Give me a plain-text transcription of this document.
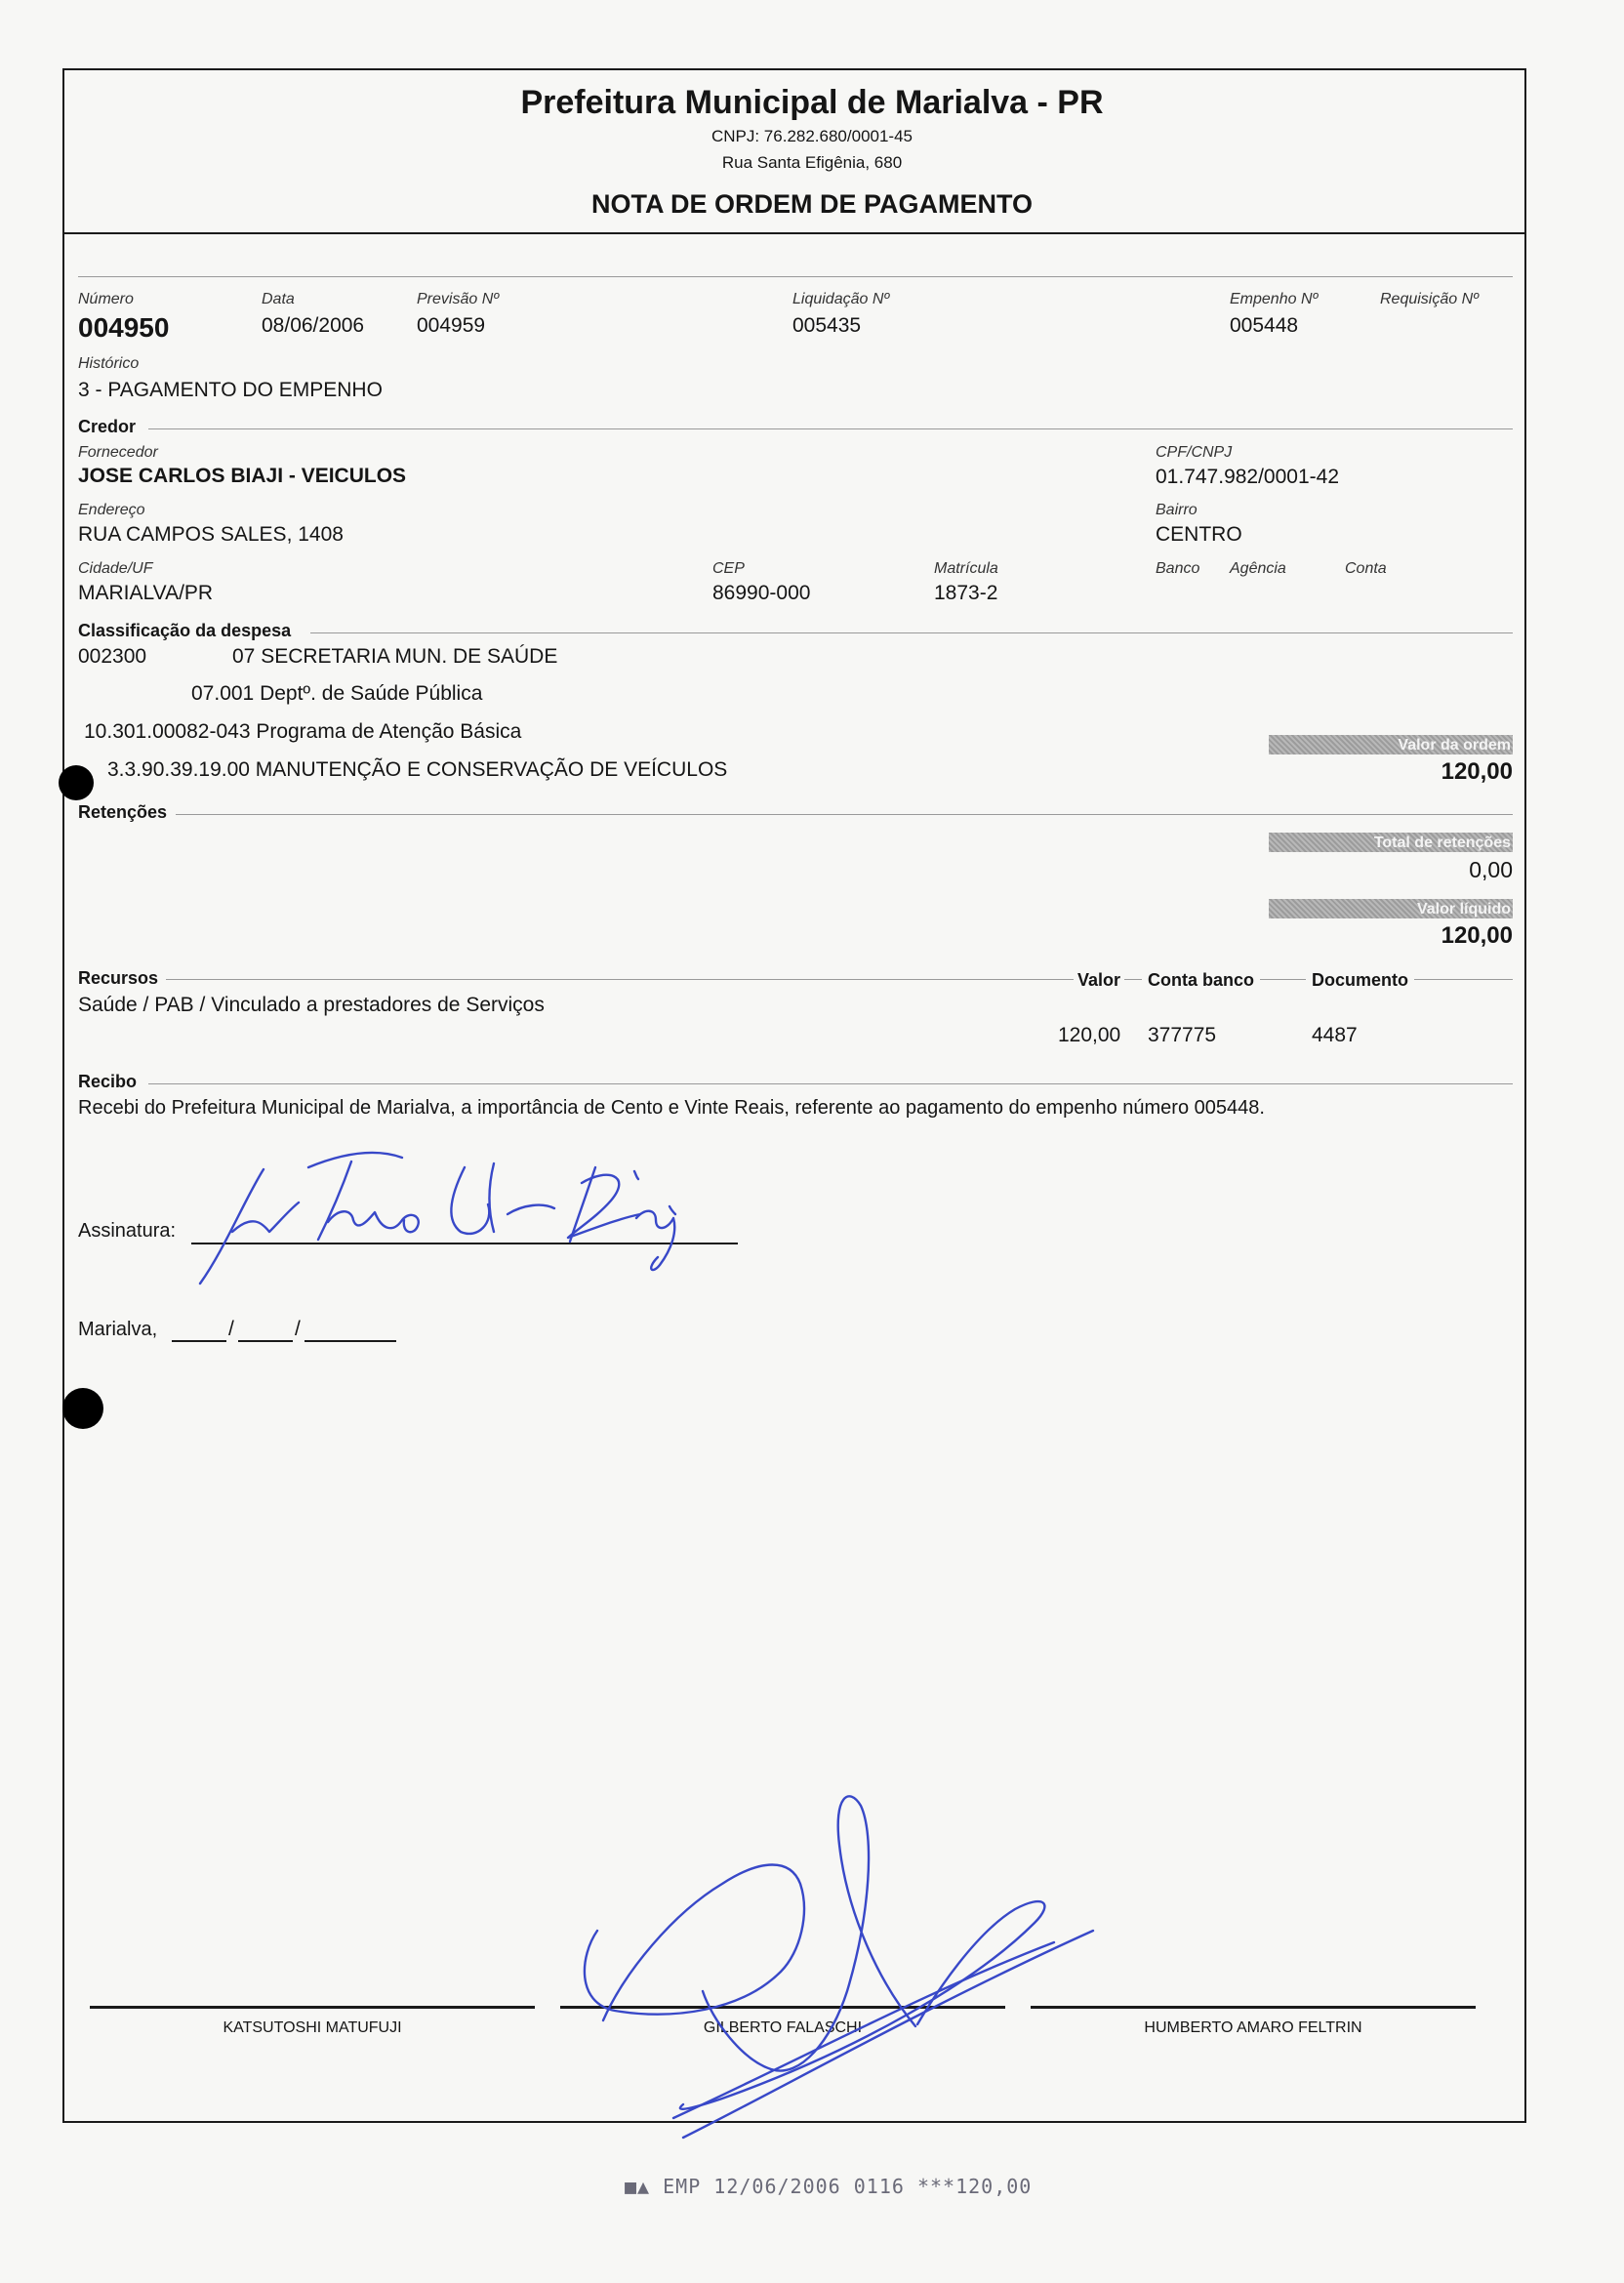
Prefeitura Municipal de Marialva - PR
CNPJ: 76.282.680/0001-45
Rua Santa Efigênia, 680
NOTA DE ORDEM DE PAGAMENTO
Número
004950
Data
08/06/2006
Previsão Nº
004959
Liquidação Nº
005435
Empenho Nº
005448
Requisição Nº
Histórico
3 - PAGAMENTO DO EMPENHO
Credor
Fornecedor
JOSE CARLOS BIAJI - VEICULOS
CPF/CNPJ
01.747.982/0001-42
Endereço
RUA CAMPOS SALES, 1408
Bairro
CENTRO
Cidade/UF
MARIALVA/PR
CEP
86990-000
Matrícula
1873-2
Banco Agência	Conta
Classificação da despesa
002300	07 SECRETARIA MUN. DE SAÚDE
07.001 Deptº. de Saúde Pública
10.301.00082-043 Programa de Atenção Básica
3.3.90.39.19.00 MANUTENÇÃO E CONSERVAÇÃO DE VEÍCULOS
Valor da ordem
120,00
Retenções
Total de retenções
0,00
Valor líquido
120,00
Recursos	Valor	Conta banco	Documento
Saúde / PAB / Vinculado a prestadores de Serviços
120,00 377775	4487
Recibo
Recebi do Prefeitura Municipal de Marialva, a importância de Cento e Vinte Reais, referente ao pagamento do empenho número 005448.
Assinatura:
Marialva,	/	/
KATSUTOSHI MATUFUJI	GILBERTO FALASCHI	HUMBERTO AMARO FELTRIN
■▲ EMP 12/06/2006 0116 ***120,00
